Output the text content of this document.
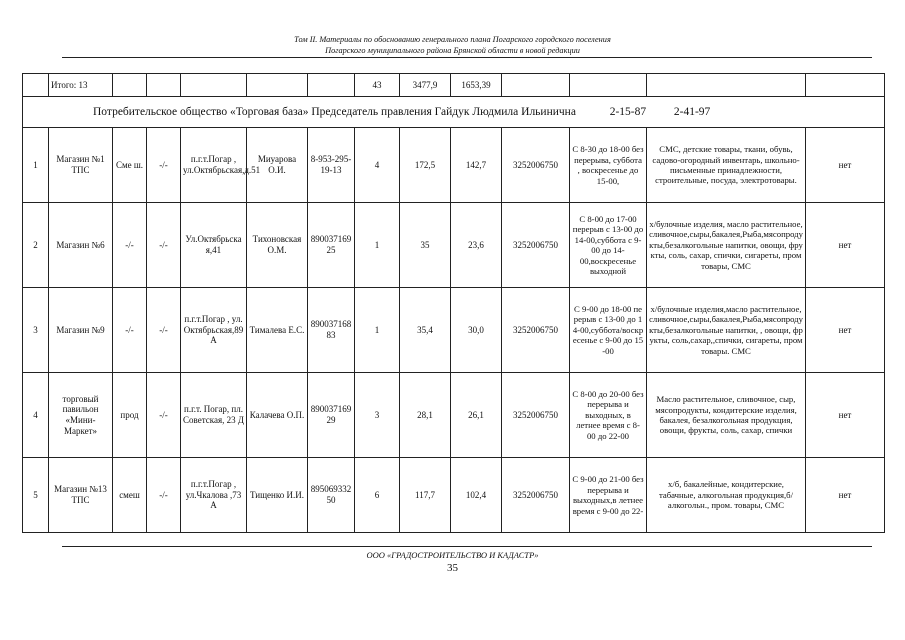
Том II. Материалы по обоснованию генерального плана Погарского городского поселения
Погарского муниципального района Брянской области в новой редакции
	Итого: 13						43	3477,9	1653,39				
Потребительское общество «Торговая база» Председатель правления Гайдук Людмила Ильинична 2-15-87 2-41-97													
1	Магазин №1 ТПС	Сме ш.	-/-	п.г.т.Погар , ул.Октябрьская,д.51	Миуарова О.И.	8-953-295-19-13	4	172,5	142,7	3252006750	С 8-30 до 18-00 без перерыва, суббота , воскресенье до 15-00,	СМС, детские товары, ткани, обувь, садово-огородный инвентарь, школьно-письменные принадлежности, строительные, посуда, электротовары.	нет
2	Магазин №6	-/-	-/-	Ул.Октябрьская,41	Тихоновская О.М.	89003716925	1	35	23,6	3252006750	С 8-00 до 17-00 перерыв с 13-00 до 14-00,суббота с 9-00 до 14-00,воскресенье выходной	х/булочные изделия, масло растительное,сливочное,сыры,бакалея,Рыба,мясопродукты,безалкогольные напитки, овощи, фрукты, соль, сахар, спички, сигареты, промтовары, СМС	нет
3	Магазин №9	-/-	-/-	п.г.т.Погар , ул.Октябрьская,89 А	Тималева Е.С.	89003716883	1	35,4	30,0	3252006750	С 9-00 до 18-00 перерыв с 13-00 до 14-00,суббота/воскресенье с 9-00 до 15-00	х/булочные изделия,масло растительное,сливочное,сыры,бакалея,Рыба,мясопродукты,безалкогольные напитки, , овощи, фрукты, соль,сахар,,спички, сигареты, промтовары. СМС	нет
4	торговый павильон «Мини-Маркет»	прод	-/-	п.г.т. Погар, пл. Советская, 23 Д	Калачева О.П.	89003716929	3	28,1	26,1	3252006750	С 8-00 до 20-00 без перерыва и выходных, в летнее время с 8-00 до 22-00	Масло растительное, сливочное, сыр, мясопродукты, кондитерские изделия, бакалея, безалкогольная продукция, овощи, фрукты, соль, сахар, спички	нет
5	Магазин №13 ТПС	смеш	-/-	п.г.т.Погар , ул.Чкалова ,73 А	Тищенко И.И.	89506933250	6	117,7	102,4	3252006750	С 9-00 до 21-00 без перерыва и выходных,в летнее время с 9-00 до 22-	х/б, бакалейные, кондитерские, табачные, алкогольная продукция,б/алкогольн., пром. товары, СМС	нет
ООО «ГРАДОСТРОИТЕЛЬСТВО И КАДАСТР»
35
